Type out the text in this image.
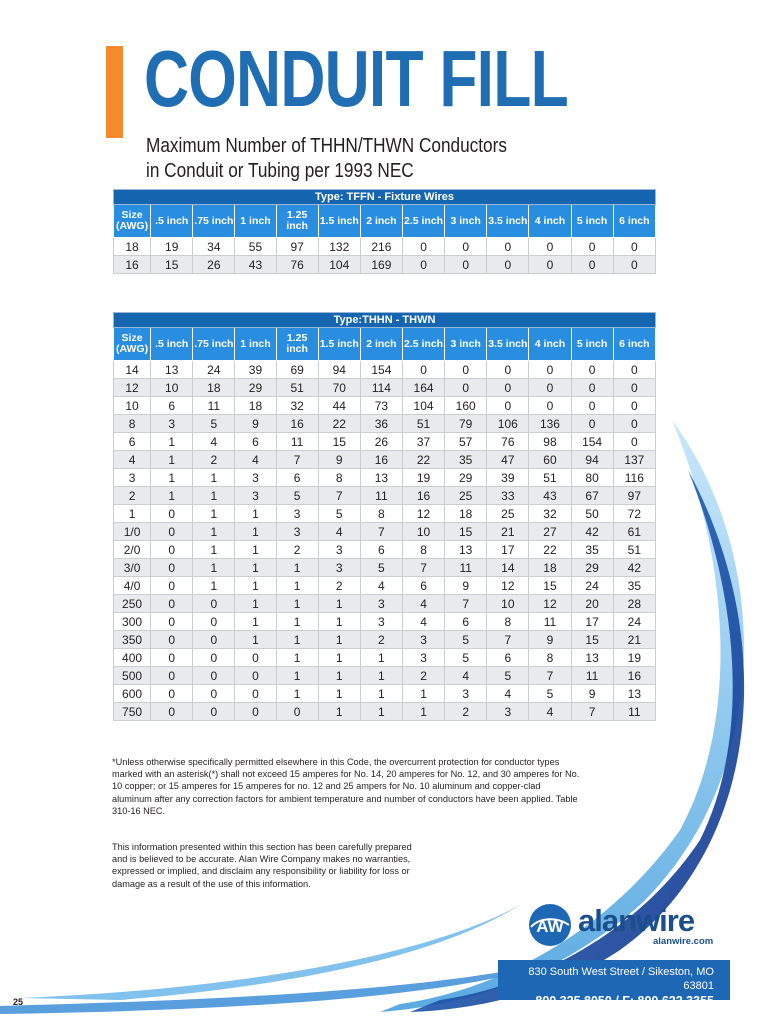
CONDUIT FILL
Maximum Number of THHN/THWN Conductors
in Conduit or Tubing per 1993 NEC
Type: TFFN - Fixture Wires												
Size (AWG)	.5 inch	.75 inch	1 inch	1.25 inch	1.5 inch	2 inch	2.5 inch	3 inch	3.5 inch	4 inch	5 inch	6 inch
18	19	34	55	97	132	216	0	0	0	0	0	0
16	15	26	43	76	104	169	0	0	0	0	0	0
Type:THHN - THWN												
Size (AWG)	.5 inch	.75 inch	1 inch	1.25 inch	1.5 inch	2 inch	2.5 inch	3 inch	3.5 inch	4 inch	5 inch	6 inch
14	13	24	39	69	94	154	0	0	0	0	0	0
12	10	18	29	51	70	114	164	0	0	0	0	0
10	6	11	18	32	44	73	104	160	0	0	0	0
8	3	5	9	16	22	36	51	79	106	136	0	0
6	1	4	6	11	15	26	37	57	76	98	154	0
4	1	2	4	7	9	16	22	35	47	60	94	137
3	1	1	3	6	8	13	19	29	39	51	80	116
2	1	1	3	5	7	11	16	25	33	43	67	97
1	0	1	1	3	5	8	12	18	25	32	50	72
1/0	0	1	1	3	4	7	10	15	21	27	42	61
2/0	0	1	1	2	3	6	8	13	17	22	35	51
3/0	0	1	1	1	3	5	7	11	14	18	29	42
4/0	0	1	1	1	2	4	6	9	12	15	24	35
250	0	0	1	1	1	3	4	7	10	12	20	28
300	0	0	1	1	1	3	4	6	8	11	17	24
350	0	0	1	1	1	2	3	5	7	9	15	21
400	0	0	0	1	1	1	3	5	6	8	13	19
500	0	0	0	1	1	1	2	4	5	7	11	16
600	0	0	0	1	1	1	1	3	4	5	9	13
750	0	0	0	0	1	1	1	2	3	4	7	11
*Unless otherwise specifically permitted elsewhere in this Code, the overcurrent protection for conductor types marked with an asterisk(*) shall not exceed 15 amperes for No. 14, 20 amperes for No. 12, and 30 amperes for No. 10 copper; or 15 amperes for 15 amperes for no. 12 and 25 ampers for No. 10 aluminum and copper-clad aluminum after any correction factors for ambient temperature and number of conductors have been applied. Table 310-16 NEC.
This information presented within this section has been carefully prepared and is believed to be accurate. Alan Wire Company makes no warranties, expressed or implied, and disclaim any responsibility or liability for loss or damage as a result of the use of this information.
AW alanwire
alanwire.com
830 South West Street / Sikeston, MO 63801
800.325.8050 / F: 800.622.3355
25
